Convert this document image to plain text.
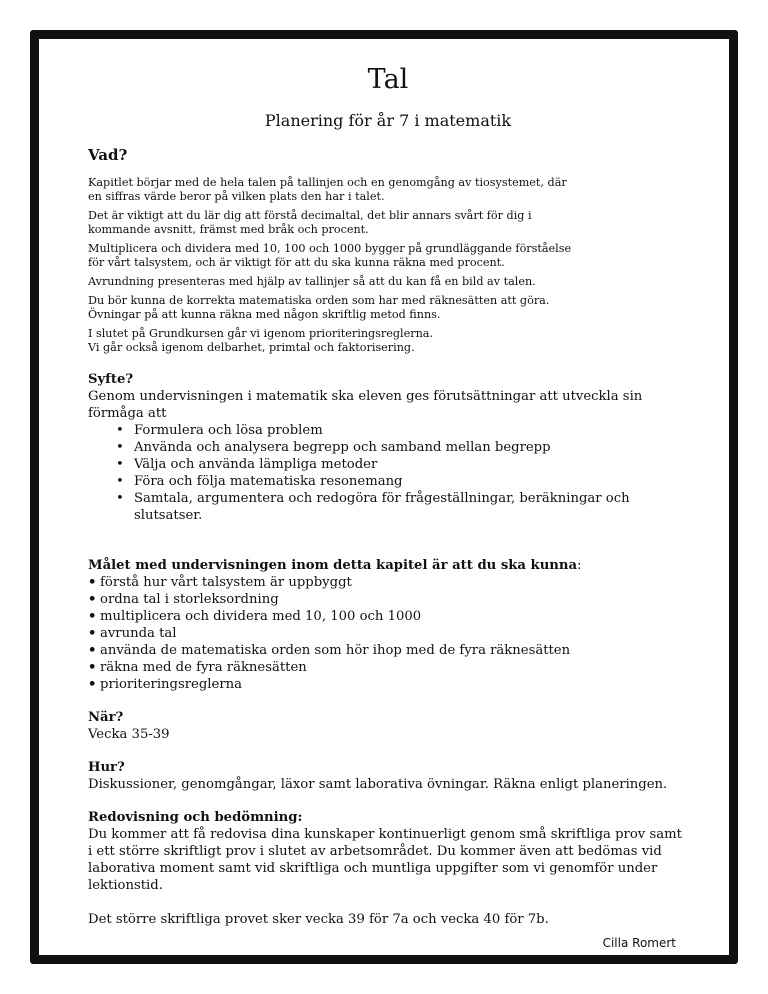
Tal
Planering för år 7 i matematik
Vad?
Kapitlet börjar med de hela talen på tallinjen och en genomgång av tiosystemet, där
en siffras värde beror på vilken plats den har i talet.
Det är viktigt att du lär dig att förstå decimaltal, det blir annars svårt för dig i
kommande avsnitt, främst med bråk och procent.
Multiplicera och dividera med 10, 100 och 1000 bygger på grundläggande förståelse
för vårt talsystem, och är viktigt för att du ska kunna räkna med procent.
Avrundning presenteras med hjälp av tallinjer så att du kan få en bild av talen.
Du bör kunna de korrekta matematiska orden som har med räknesätten att göra.
Övningar på att kunna räkna med någon skriftlig metod finns.
I slutet på Grundkursen går vi igenom prioriteringsreglerna.
Vi går också igenom delbarhet, primtal och faktorisering.
Syfte?
Genom undervisningen i matematik ska eleven ges förutsättningar att utveckla sin
förmåga att
• Formulera och lösa problem
• Använda och analysera begrepp och samband mellan begrepp
• Välja och använda lämpliga metoder
• Föra och följa matematiska resonemang
• Samtala, argumentera och redogöra för frågeställningar, beräkningar och slutsatser.

Målet med undervisningen inom detta kapitel är att du ska kunna:

• förstå hur vårt talsystem är uppbyggt
• ordna tal i storleksordning
• multiplicera och dividera med 10, 100 och 1000
• avrunda tal
• använda de matematiska orden som hör ihop med de fyra räknesätten
• räkna med de fyra räknesätten
• prioriteringsreglerna
När?
Vecka 35-39
Hur?
Diskussioner, genomgångar, läxor samt laborativa övningar. Räkna enligt planeringen.
Redovisning och bedömning:
Du kommer att få redovisa dina kunskaper kontinuerligt genom små skriftliga prov samt
i ett större skriftligt prov i slutet av arbetsområdet. Du kommer även att bedömas vid
laborativa moment samt vid skriftliga och muntliga uppgifter som vi genomför under
lektionstid.
Det större skriftliga provet sker vecka 39 för 7a och vecka 40 för 7b.
Cilla Romert
